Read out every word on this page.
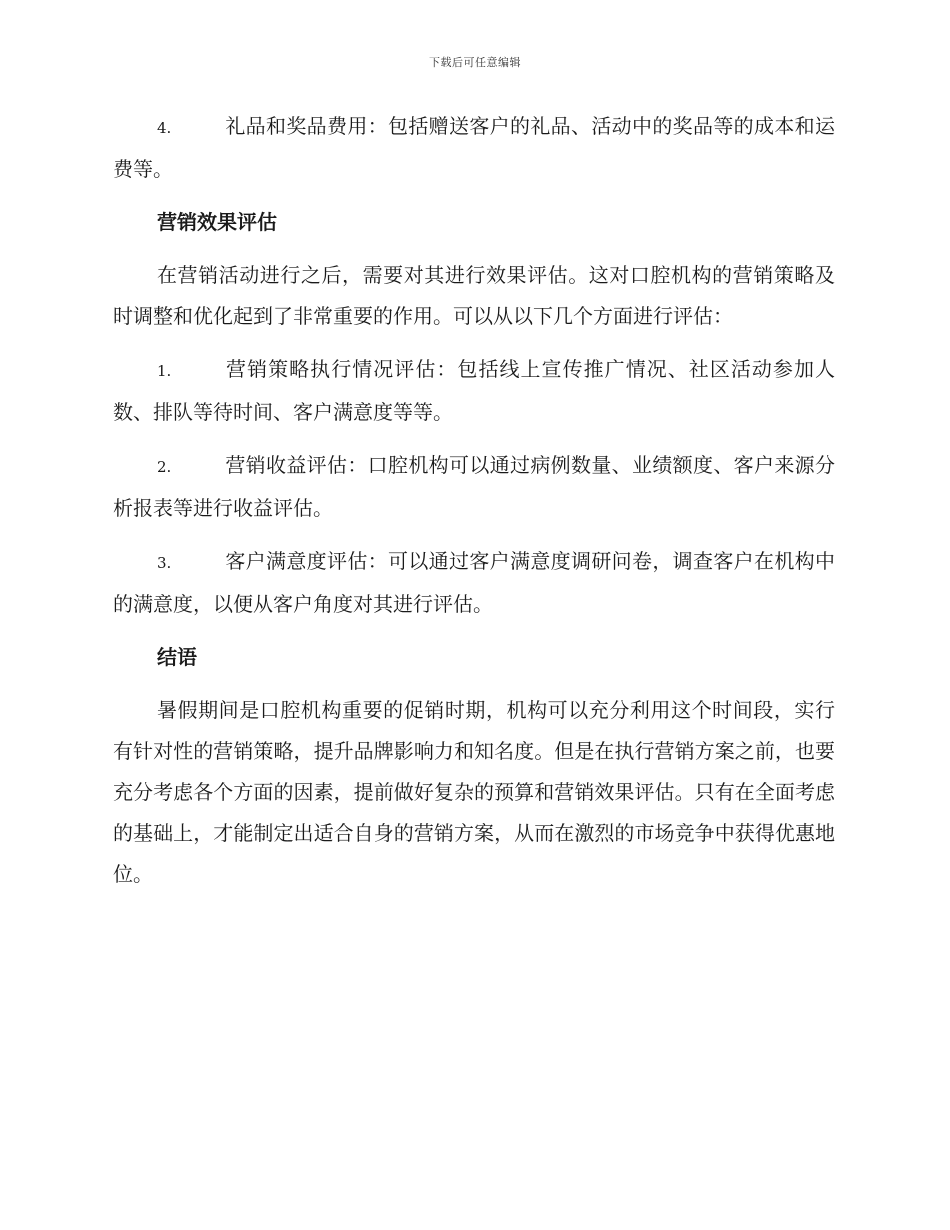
下载后可任意编辑

4.	礼品和奖品费用：包括赠送客户的礼品、活动中的奖品等的成本和运费等。

营销效果评估

在营销活动进行之后，需要对其进行效果评估。这对口腔机构的营销策略及时调整和优化起到了非常重要的作用。可以从以下几个方面进行评估：

1.	营销策略执行情况评估：包括线上宣传推广情况、社区活动参加人数、排队等待时间、客户满意度等等。

2.	营销收益评估：口腔机构可以通过病例数量、业绩额度、客户来源分析报表等进行收益评估。

3.	客户满意度评估：可以通过客户满意度调研问卷，调查客户在机构中的满意度，以便从客户角度对其进行评估。

结语

暑假期间是口腔机构重要的促销时期，机构可以充分利用这个时间段，实行有针对性的营销策略，提升品牌影响力和知名度。但是在执行营销方案之前，也要充分考虑各个方面的因素，提前做好复杂的预算和营销效果评估。只有在全面考虑的基础上，才能制定出适合自身的营销方案，从而在激烈的市场竞争中获得优惠地位。
